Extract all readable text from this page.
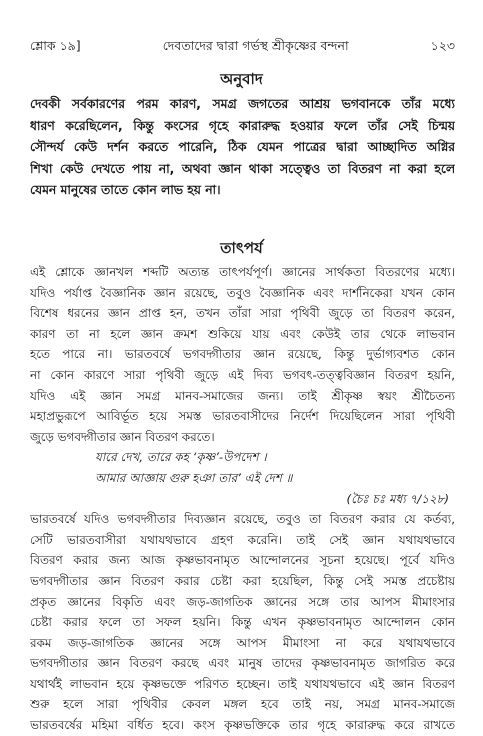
শ্লোক ১৯]	দেবতাদের দ্বারা গর্ভস্থ শ্রীকৃষ্ণের বন্দনা	১২৩
অনুবাদ
দেবকী সর্বকারণের পরম কারণ, সমগ্র জগতের আশ্রয় ভগবানকে তাঁর মধ্যে
ধারণ করেছিলেন, কিন্তু কংসের গৃহে কারারুদ্ধ হওয়ার ফলে তাঁর সেই চিন্ময়
সৌন্দর্য কেউ দর্শন করতে পারেনি, ঠিক যেমন পাত্রের দ্বারা আচ্ছাদিত অগ্নির
শিখা কেউ দেখতে পায় না, অথবা জ্ঞান থাকা সত্ত্বেও তা বিতরণ না করা হলে
যেমন মানুষের তাতে কোন লাভ হয় না।
তাৎপর্য
এই শ্লোকে জ্ঞানখল শব্দটি অত্যন্ত তাৎপর্যপূর্ণ। জ্ঞানের সার্থকতা বিতরণের মধ্যে।
যদিও পর্যাপ্ত বৈজ্ঞানিক জ্ঞান রয়েছে, তবুও বৈজ্ঞানিক এবং দার্শনিকেরা যখন কোন
বিশেষ ধরনের জ্ঞান প্রাপ্ত হন, তখন তাঁরা সারা পৃথিবী জুড়ে তা বিতরণ করেন,
কারণ তা না হলে জ্ঞান ক্রমশ শুকিয়ে যায় এবং কেউই তার থেকে লাভবান
হতে পারে না। ভারতবর্ষে ভগবদ্গীতার জ্ঞান রয়েছে, কিন্তু দুর্ভাগ্যবশত কোন
না কোন কারণে সারা পৃথিবী জুড়ে এই দিব্য ভগবৎ-তত্ত্ববিজ্ঞান বিতরণ হয়নি,
যদিও এই জ্ঞান সমগ্র মানব-সমাজের জন্য। তাই শ্রীকৃষ্ণ স্বয়ং শ্রীচৈতন্য
মহাপ্রভুরূপে আবির্ভূত হয়ে সমস্ত ভারতবাসীদের নির্দেশ দিয়েছিলেন সারা পৃথিবী
জুড়ে ভগবদ্গীতার জ্ঞান বিতরণ করতে।
যারে দেখ, তারে কহ ‘কৃষ্ণ’-উপদেশ ।
আমার আজ্ঞায় গুরু হঞা তার’ এই দেশ ॥
(চৈঃ চঃ মধ্য ৭/১২৮)
ভারতবর্ষে যদিও ভগবদ্গীতার দিব্যজ্ঞান রয়েছে, তবুও তা বিতরণ করার যে কর্তব্য,
সেটি ভারতবাসীরা যথাযথভাবে গ্রহণ করেনি। তাই সেই জ্ঞান যথাযথভাবে
বিতরণ করার জন্য আজ কৃষ্ণভাবনামৃত আন্দোলনের সূচনা হয়েছে। পূর্বে যদিও
ভগবদ্গীতার জ্ঞান বিতরণ করার চেষ্টা করা হয়েছিল, কিন্তু সেই সমস্ত প্রচেষ্টায়
প্রকৃত জ্ঞানের বিকৃতি এবং জড়-জাগতিক জ্ঞানের সঙ্গে তার আপস মীমাংসার
চেষ্টা করার ফলে তা সফল হয়নি। কিন্তু এখন কৃষ্ণভাবনামৃত আন্দোলন কোন
রকম জড়-জাগতিক জ্ঞানের সঙ্গে আপস মীমাংসা না করে যথাযথভাবে
ভগবদ্গীতার জ্ঞান বিতরণ করছে এবং মানুষ তাদের কৃষ্ণভাবনামৃত জাগরিত করে
যথার্থই লাভবান হয়ে কৃষ্ণভক্তে পরিণত হচ্ছেন। তাই যথাযথভাবে এই জ্ঞান বিতরণ
শুরু হলে সারা পৃথিবীর কেবল মঙ্গল হবে তাই নয়, সমগ্র মানব-সমাজে
ভারতবর্ষের মহিমা বর্ধিত হবে। কংস কৃষ্ণভক্তিকে তার গৃহে কারারুদ্ধ করে রাখতে
